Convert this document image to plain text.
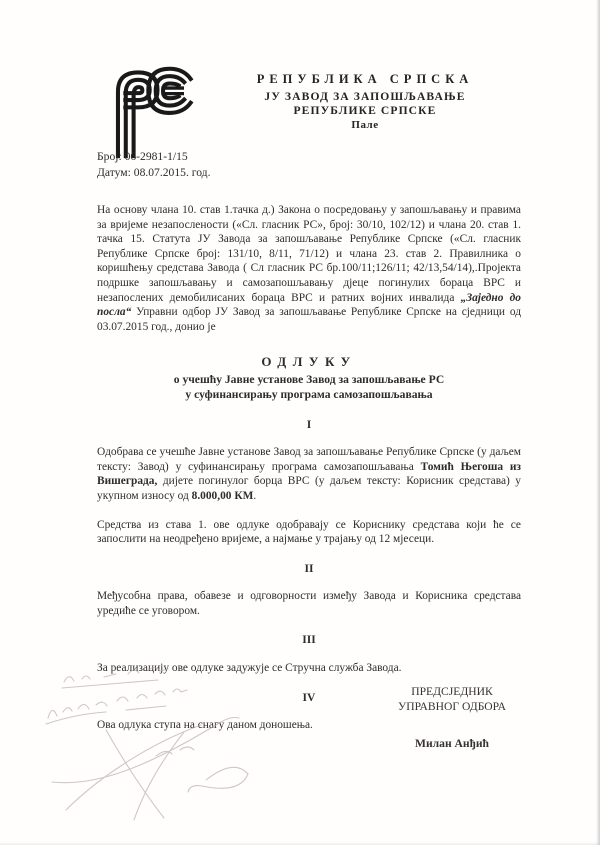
РЕПУБЛИКА СРПСКА
ЈУ ЗАВОД ЗА ЗАПОШЉАВАЊЕ
РЕПУБЛИКЕ СРПСКЕ
Пале
Број: 06-2981-1/15
Датум: 08.07.2015. год.

На основу члана 10. став 1.тачка д.) Закона о посредовању у запошљавању и правима за вријеме незапослености («Сл. гласник РС», број: 30/10, 102/12) и члана 20. став 1. тачка 15. Статута ЈУ Завода за запошљавање Републике Српске («Сл. гласник Републике Српске број: 131/10, 8/11, 71/12) и члана 23. став 2. Правилника о коришћењу средстава Завода ( Сл гласник РС бр.100/11;126/11; 42/13,54/14),.Пројекта подршке запошљавању и самозапошљавању дјеце погинулих бораца ВРС и незапослених демобилисаних бораца ВРС и ратних војних инвалида „Заједно до посла“ Управни одбор ЈУ Завод за запошљавање Републике Српске на сједници од 03.07.2015 год., донио је

ОДЛУКУ
о учешћу Јавне установе Завод за запошљавање РС
у суфинансирању програма самозапошљавања
I

Одобрава се учешће Јавне установе Завод за запошљавање Републике Српске (у даљем тексту: Завод) у суфинансирању програма самозапошљавања Томић Његоша из Вишеграда, дијете погинулог борца ВРС (у даљем тексту: Корисник средстава) у укупном износу од 8.000,00 КМ.

Средства из става 1. ове одлуке одобравају се Кориснику средстава који ће се запослити на неодређено вријеме, а најмање у трајању од 12 мјесеци.

II

Међусобна права, обавезе и одговорности између Завода и Корисника средстава уредиће се уговором.

III

За реализацију ове одлуке задужује се Стручна служба Завода.

IV

Ова одлука ступа на снагу даном доношења.

ПРЕДСЈЕДНИК
УПРАВНОГ ОДБОРА
Милан Анђић
